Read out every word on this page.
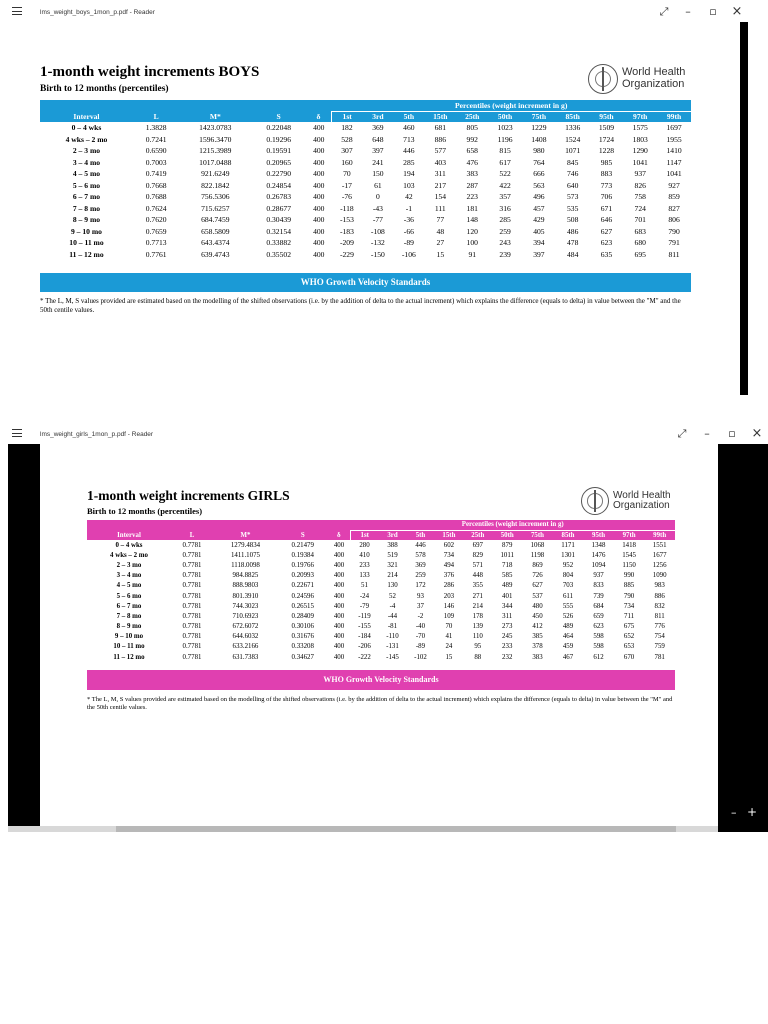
lms_weight_boys_1mon_p.pdf - Reader	⤢	–	▫ ×
1-month weight increments BOYS
Birth to 12 months (percentiles)
World Health
Organization
					Percentiles (weight increment in g)										
Interval	L	M*	S	δ	1st	3rd	5th	15th	25th	50th	75th	85th	95th	97th	99th
0 – 4 wks	1.3828	1423.0783	0.22048	400	182	369	460	681	805	1023	1229	1336	1509	1575	1697
4 wks – 2 mo	0.7241	1596.3470	0.19296	400	528	648	713	886	992	1196	1408	1524	1724	1803	1955
2 – 3 mo	0.6590	1215.3989	0.19591	400	307	397	446	577	658	815	980	1071	1228	1290	1410
3 – 4 mo	0.7003	1017.0488	0.20965	400	160	241	285	403	476	617	764	845	985	1041	1147
4 – 5 mo	0.7419	921.6249	0.22790	400	70	150	194	311	383	522	666	746	883	937	1041
5 – 6 mo	0.7668	822.1842	0.24854	400	-17	61	103	217	287	422	563	640	773	826	927
6 – 7 mo	0.7688	756.5306	0.26783	400	-76	0	42	154	223	357	496	573	706	758	859
7 – 8 mo	0.7624	715.6257	0.28677	400	-118	-43	-1	111	181	316	457	535	671	724	827
8 – 9 mo	0.7620	684.7459	0.30439	400	-153	-77	-36	77	148	285	429	508	646	701	806
9 – 10 mo	0.7659	658.5809	0.32154	400	-183	-108	-66	48	120	259	405	486	627	683	790
10 – 11 mo	0.7713	643.4374	0.33882	400	-209	-132	-89	27	100	243	394	478	623	680	791
11 – 12 mo	0.7761	639.4743	0.35502	400	-229	-150	-106	15	91	239	397	484	635	695	811
WHO Growth Velocity Standards
* The L, M, S values provided are estimated based on the modelling of the shifted observations (i.e. by the addition of delta to the actual increment) which explains the difference (equals to delta) in value between the "M" and the 50th centile values.
lms_weight_girls_1mon_p.pdf - Reader	⤢	–	▫ ×
1-month weight increments GIRLS
Birth to 12 months (percentiles)
World Health
Organization
					Percentiles (weight increment in g)										
Interval	L	M*	S	δ	1st	3rd	5th	15th	25th	50th	75th	85th	95th	97th	99th
0 – 4 wks	0.7781	1279.4834	0.21479	400	280	388	446	602	697	879	1068	1171	1348	1418	1551
4 wks – 2 mo	0.7781	1411.1075	0.19384	400	410	519	578	734	829	1011	1198	1301	1476	1545	1677
2 – 3 mo	0.7781	1118.0098	0.19766	400	233	321	369	494	571	718	869	952	1094	1150	1256
3 – 4 mo	0.7781	984.8825	0.20993	400	133	214	259	376	448	585	726	804	937	990	1090
4 – 5 mo	0.7781	888.9803	0.22671	400	51	130	172	286	355	489	627	703	833	885	983
5 – 6 mo	0.7781	801.3910	0.24596	400	-24	52	93	203	271	401	537	611	739	790	886
6 – 7 mo	0.7781	744.3023	0.26515	400	-79	-4	37	146	214	344	480	555	684	734	832
7 – 8 mo	0.7781	710.6923	0.28409	400	-119	-44	-2	109	178	311	450	526	659	711	811
8 – 9 mo	0.7781	672.6072	0.30106	400	-155	-81	-40	70	139	273	412	489	623	675	776
9 – 10 mo	0.7781	644.6032	0.31676	400	-184	-110	-70	41	110	245	385	464	598	652	754
10 – 11 mo	0.7781	633.2166	0.33208	400	-206	-131	-89	24	95	233	378	459	598	653	759
11 – 12 mo	0.7781	631.7383	0.34627	400	-222	-145	-102	15	88	232	383	467	612	670	781
WHO Growth Velocity Standards
* The L, M, S values provided are estimated based on the modelling of the shifted observations (i.e. by the addition of delta to the actual increment) which explains the difference (equals to delta) in value between the "M" and the 50th centile values.
– +
